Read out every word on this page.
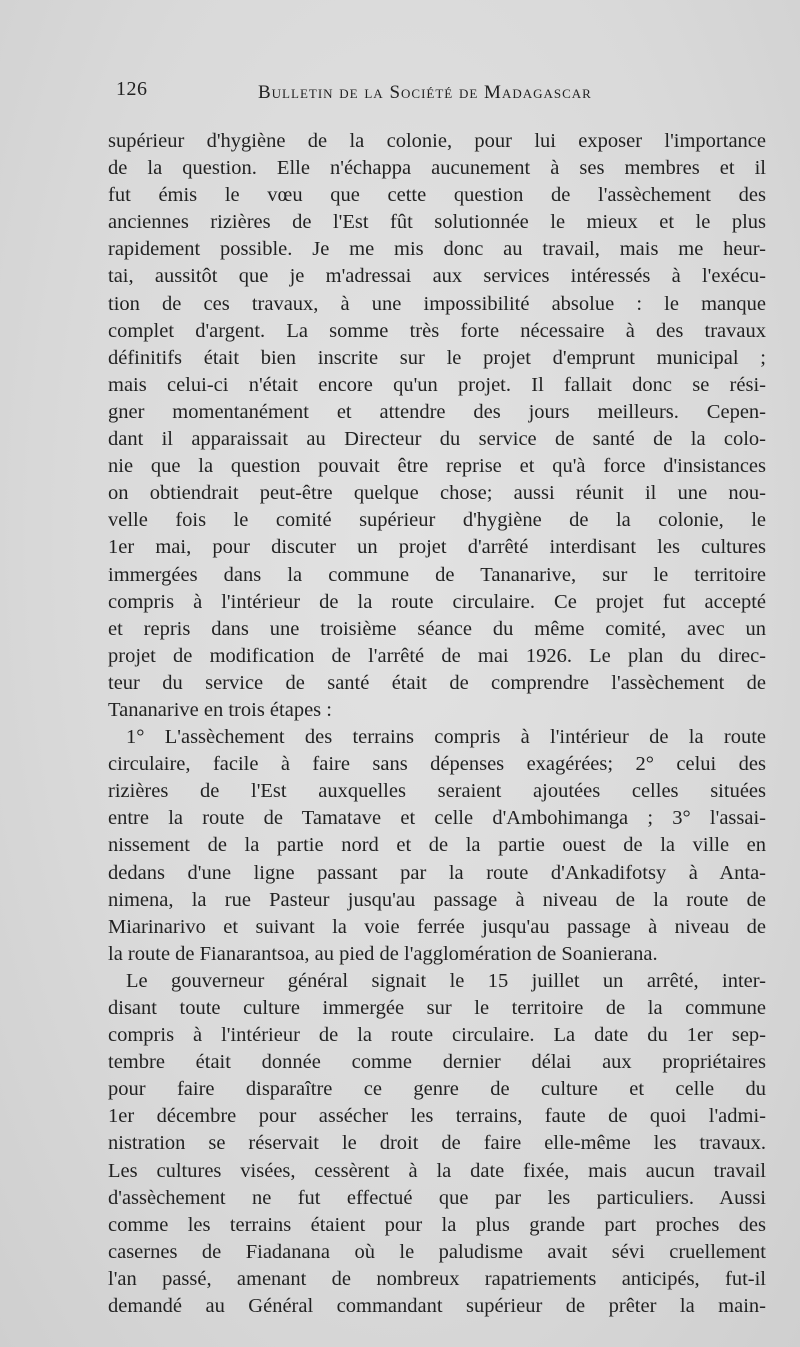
126	Bulletin de la Société de Madagascar
supérieur d'hygiène de la colonie, pour lui exposer l'importance
de la question. Elle n'échappa aucunement à ses membres et il
fut émis le vœu que cette question de l'assèchement des
anciennes rizières de l'Est fût solutionnée le mieux et le plus
rapidement possible. Je me mis donc au travail, mais me heur-
tai, aussitôt que je m'adressai aux services intéressés à l'exécu-
tion de ces travaux, à une impossibilité absolue : le manque
complet d'argent. La somme très forte nécessaire à des travaux
définitifs était bien inscrite sur le projet d'emprunt municipal ;
mais celui-ci n'était encore qu'un projet. Il fallait donc se rési-
gner momentanément et attendre des jours meilleurs. Cepen-
dant il apparaissait au Directeur du service de santé de la colo-
nie que la question pouvait être reprise et qu'à force d'insistances
on obtiendrait peut-être quelque chose; aussi réunit il une nou-
velle fois le comité supérieur d'hygiène de la colonie, le
1er mai, pour discuter un projet d'arrêté interdisant les cultures
immergées dans la commune de Tananarive, sur le territoire
compris à l'intérieur de la route circulaire. Ce projet fut accepté
et repris dans une troisième séance du même comité, avec un
projet de modification de l'arrêté de mai 1926. Le plan du direc-
teur du service de santé était de comprendre l'assèchement de
Tananarive en trois étapes :
1° L'assèchement des terrains compris à l'intérieur de la route
circulaire, facile à faire sans dépenses exagérées; 2° celui des
rizières de l'Est auxquelles seraient ajoutées celles situées
entre la route de Tamatave et celle d'Ambohimanga ; 3° l'assai-
nissement de la partie nord et de la partie ouest de la ville en
dedans d'une ligne passant par la route d'Ankadifotsy à Anta-
nimena, la rue Pasteur jusqu'au passage à niveau de la route de
Miarinarivo et suivant la voie ferrée jusqu'au passage à niveau de
la route de Fianarantsoa, au pied de l'agglomération de Soanierana.
Le gouverneur général signait le 15 juillet un arrêté, inter-
disant toute culture immergée sur le territoire de la commune
compris à l'intérieur de la route circulaire. La date du 1er sep-
tembre était donnée comme dernier délai aux propriétaires
pour faire disparaître ce genre de culture et celle du
1er décembre pour assécher les terrains, faute de quoi l'admi-
nistration se réservait le droit de faire elle-même les travaux.
Les cultures visées, cessèrent à la date fixée, mais aucun travail
d'assèchement ne fut effectué que par les particuliers. Aussi
comme les terrains étaient pour la plus grande part proches des
casernes de Fiadanana où le paludisme avait sévi cruellement
l'an passé, amenant de nombreux rapatriements anticipés, fut-il
demandé au Général commandant supérieur de prêter la main-
